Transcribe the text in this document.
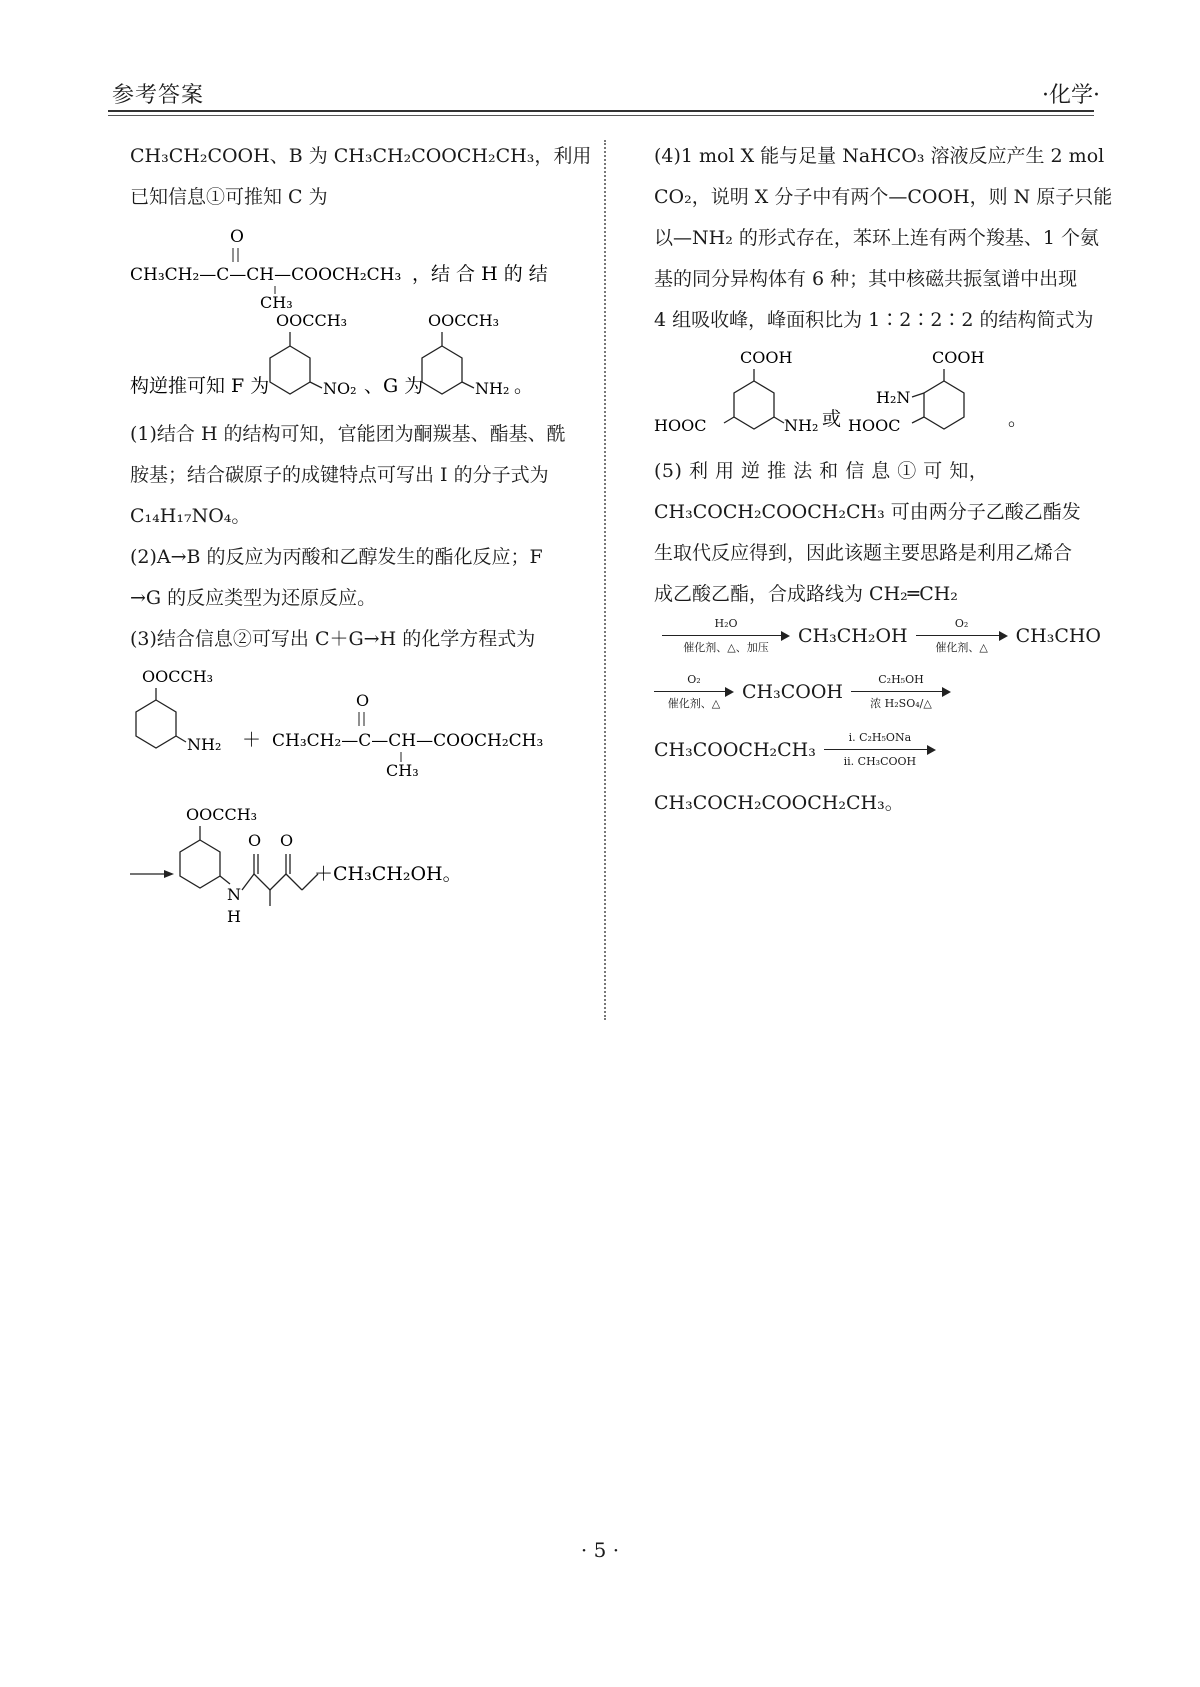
参考答案	·化学·

CH₃CH₂COOH、B 为 CH₃CH₂COOCH₂CH₃，利用

已知信息①可推知 C 为

O
CH₃CH₂—C—CH—COOCH₂CH₃
CH₃
，结 合 H 的 结
构逆推可知 F 为
OOCCH₃
NO₂ 、G 为
OOCCH₃
NH₂ 。

(1)结合 H 的结构可知，官能团为酮羰基、酯基、酰

胺基；结合碳原子的成键特点可写出 I 的分子式为

C₁₄H₁₇NO₄。

(2)A→B 的反应为丙酸和乙醇发生的酯化反应；F

→G 的反应类型为还原反应。

(3)结合信息②可写出 C＋G→H 的化学方程式为

OOCCH₃
NH₂ ＋
O
CH₃CH₂—C—CH—COOCH₂CH₃
CH₃
OOCCH₃
N
H
O O
＋CH₃CH₂OH。

(4)1 mol X 能与足量 NaHCO₃ 溶液反应产生 2 mol

CO₂，说明 X 分子中有两个—COOH，则 N 原子只能

以—NH₂ 的形式存在，苯环上连有两个羧基、1 个氨

基的同分异构体有 6 种；其中核磁共振氢谱中出现

4 组吸收峰，峰面积比为 1∶2∶2∶2 的结构简式为

COOH
HOOC	NH₂ 或
COOH
H₂N
HOOC	。

(5) 利 用 逆 推 法 和 信 息 ① 可 知，

CH₃COCH₂COOCH₂CH₃ 可由两分子乙酸乙酯发

生取代反应得到，因此该题主要思路是利用乙烯合

成乙酸乙酯，合成路线为 CH₂═CH₂

H₂O
催化剂、△、加压
CH₃CH₂OH
O₂
催化剂、△
CH₃CHO
O₂
催化剂、△
CH₃COOH
C₂H₅OH
浓 H₂SO₄/△
CH₃COOCH₂CH₃
ⅰ. C₂H₅ONa
ⅱ. CH₃COOH

CH₃COCH₂COOCH₂CH₃。

· 5 ·
